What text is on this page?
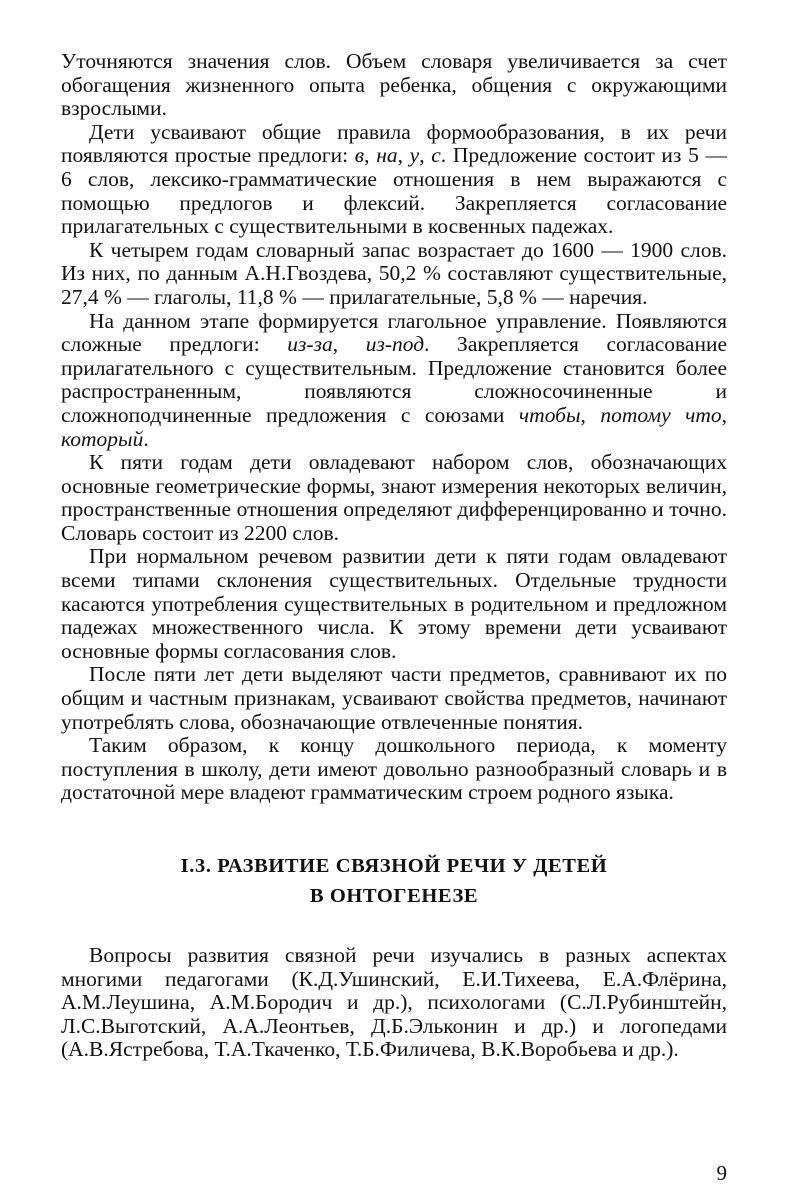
Уточняются значения слов. Объем словаря увеличивается за счет обогащения жизненного опыта ребенка, общения с окружающими взрослыми.

Дети усваивают общие правила формообразования, в их речи появляются простые предлоги: в, на, у, с. Предложение состоит из 5 — 6 слов, лексико-грамматические отношения в нем выражаются с помощью предлогов и флексий. Закрепляется согласование прилагательных с существительными в косвенных падежах.

К четырем годам словарный запас возрастает до 1600 — 1900 слов. Из них, по данным А.Н.Гвоздева, 50,2 % составляют существительные, 27,4 % — глаголы, 11,8 % — прилагательные, 5,8 % — наречия.

На данном этапе формируется глагольное управление. Появляются сложные предлоги: из-за, из-под. Закрепляется согласование прилагательного с существительным. Предложение становится более распространенным, появляются сложносочиненные и сложноподчиненные предложения с союзами чтобы, потому что, который.

К пяти годам дети овладевают набором слов, обозначающих основные геометрические формы, знают измерения некоторых величин, пространственные отношения определяют дифференцированно и точно. Словарь состоит из 2200 слов.

При нормальном речевом развитии дети к пяти годам овладевают всеми типами склонения существительных. Отдельные трудности касаются употребления существительных в родительном и предложном падежах множественного числа. К этому времени дети усваивают основные формы согласования слов.

После пяти лет дети выделяют части предметов, сравнивают их по общим и частным признакам, усваивают свойства предметов, начинают употреблять слова, обозначающие отвлеченные понятия.

Таким образом, к концу дошкольного периода, к моменту поступления в школу, дети имеют довольно разнообразный словарь и в достаточной мере владеют грамматическим строем родного языка.

I.3. РАЗВИТИЕ СВЯЗНОЙ РЕЧИ У ДЕТЕЙ
В ОНТОГЕНЕЗЕ

Вопросы развития связной речи изучались в разных аспектах многими педагогами (К.Д.Ушинский, Е.И.Тихеева, Е.А.Флёрина, А.М.Леушина, А.М.Бородич и др.), психологами (С.Л.Рубинштейн, Л.С.Выготский, А.А.Леонтьев, Д.Б.Эльконин и др.) и логопедами (А.В.Ястребова, Т.А.Ткаченко, Т.Б.Филичева, В.К.Воробьева и др.).

9
